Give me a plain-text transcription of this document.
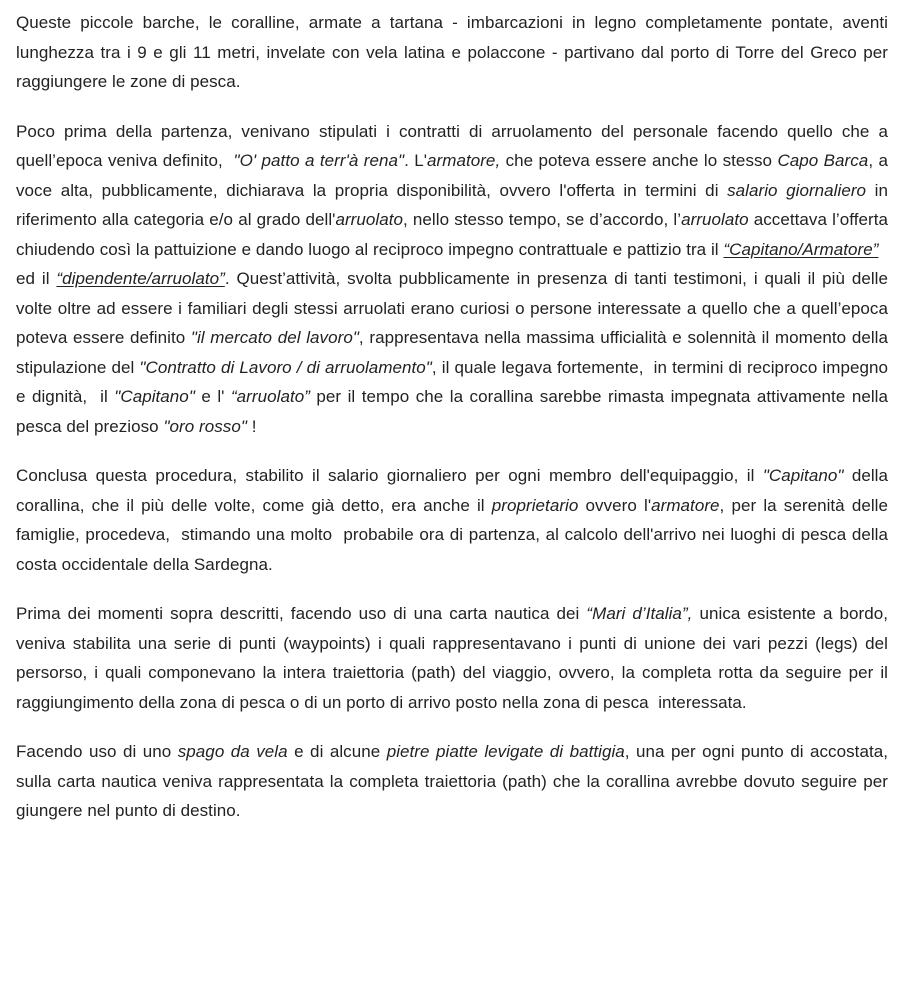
Queste piccole barche, le coralline, armate a tartana - imbarcazioni in legno completamente pontate, aventi lunghezza tra i 9 e gli 11 metri, invelate con vela latina e polaccone - partivano dal porto di Torre del Greco per raggiungere le zone di pesca.

Poco prima della partenza, venivano stipulati i contratti di arruolamento del personale facendo quello che a quell’epoca veniva definito,  "O' patto a terr'à rena". L'armatore, che poteva essere anche lo stesso Capo Barca, a voce alta, pubblicamente, dichiarava la propria disponibilità, ovvero l'offerta in termini di salario giornaliero in riferimento alla categoria e/o al grado dell'arruolato, nello stesso tempo, se d’accordo, l’arruolato accettava l’offerta chiudendo così la pattuizione e dando luogo al reciproco impegno contrattuale e pattizio tra il “Capitano/Armatore”   ed il “dipendente/arruolato”. Quest’attività, svolta pubblicamente in presenza di tanti testimoni, i quali il più delle volte oltre ad essere i familiari degli stessi arruolati erano curiosi o persone interessate a quello che a quell’epoca poteva essere definito "il mercato del lavoro", rappresentava nella massima ufficialità e solennità il momento della stipulazione del "Contratto di Lavoro / di arruolamento", il quale legava fortemente,  in termini di reciproco impegno e dignità,  il "Capitano" e l' “arruolato” per il tempo che la corallina sarebbe rimasta impegnata attivamente nella pesca del prezioso "oro rosso" !

Conclusa questa procedura, stabilito il salario giornaliero per ogni membro dell'equipaggio, il "Capitano" della corallina, che il più delle volte, come già detto, era anche il proprietario ovvero l'armatore, per la serenità delle famiglie, procedeva,  stimando una molto  probabile ora di partenza, al calcolo dell'arrivo nei luoghi di pesca della costa occidentale della Sardegna.

Prima dei momenti sopra descritti, facendo uso di una carta nautica dei “Mari d’Italia”, unica esistente a bordo, veniva stabilita una serie di punti (waypoints) i quali rappresentavano i punti di unione dei vari pezzi (legs) del persorso, i quali componevano la intera traiettoria (path) del viaggio, ovvero, la completa rotta da seguire per il raggiungimento della zona di pesca o di un porto di arrivo posto nella zona di pesca  interessata.

Facendo uso di uno spago da vela e di alcune pietre piatte levigate di battigia, una per ogni punto di accostata, sulla carta nautica veniva rappresentata la completa traiettoria (path) che la corallina avrebbe dovuto seguire per giungere nel punto di destino.
